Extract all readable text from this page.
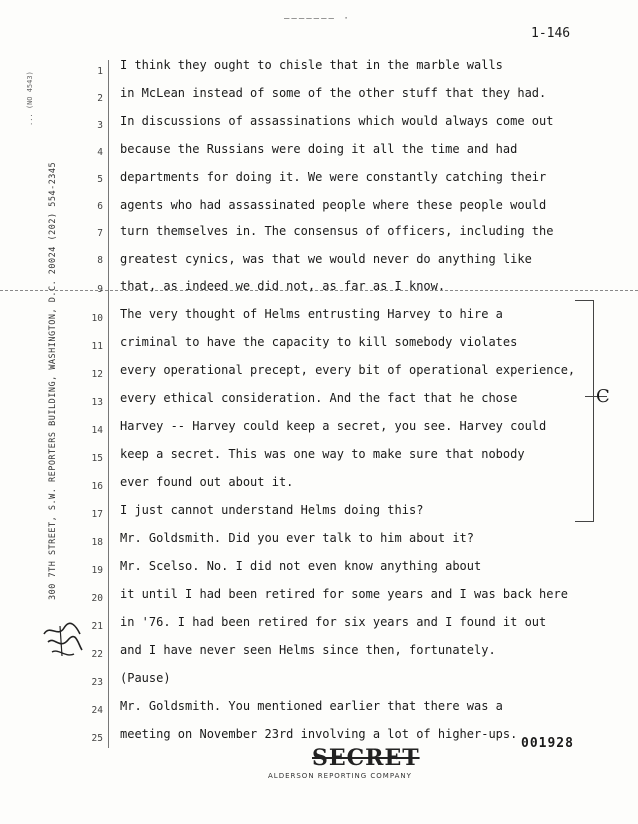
——————— ·
1-146
... (NO 4543)
300 7TH STREET, S.W. REPORTERS BUILDING, WASHINGTON, D.C. 20024 (202) 554-2345
1
2
3
4
5
6
7
8
9
10
11
12
13
14
15
16
17
18
19
20
21
22
23
24
25
I think they ought to chisle that in the marble walls
in McLean instead of some of the other stuff that they had.
In discussions of assassinations which would always come out
because the Russians were doing it all the time and had
departments for doing it. We were constantly catching their
agents who had assassinated people where these people would
turn themselves in. The consensus of officers, including the
greatest cynics, was that we would never do anything like
that, as indeed we did not, as far as I know.
The very thought of Helms entrusting Harvey to hire a
criminal to have the capacity to kill somebody violates
every operational precept, every bit of operational experience,
every ethical consideration. And the fact that he chose
Harvey -- Harvey could keep a secret, you see. Harvey could
keep a secret. This was one way to make sure that nobody
ever found out about it.
I just cannot understand Helms doing this?
Mr. Goldsmith. Did you ever talk to him about it?
Mr. Scelso. No. I did not even know anything about
it until I had been retired for some years and I was back here
in '76. I had been retired for six years and I found it out
and I have never seen Helms since then, fortunately.
(Pause)
Mr. Goldsmith. You mentioned earlier that there was a
meeting on November 23rd involving a lot of higher-ups.
C
001928
SECRET
ALDERSON REPORTING COMPANY
